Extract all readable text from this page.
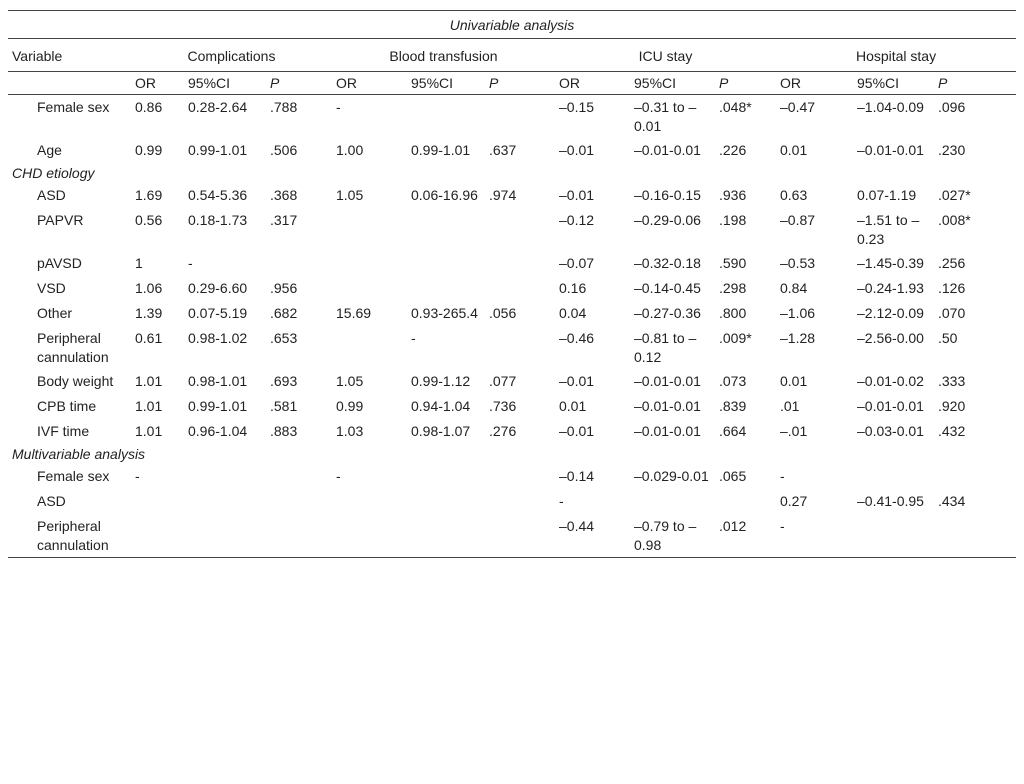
Univariable analysis												
Variable	Complications			Blood transfusion			ICU stay			Hospital stay		
	OR	95%CI	P	OR	95%CI	P	OR	95%CI	P	OR	95%CI	P
Female sex	0.86	0.28-2.64	.788	-			–0.15	–0.31 to –0.01	.048*	–0.47	–1.04-0.09	.096
Age	0.99	0.99-1.01	.506	1.00	0.99-1.01	.637	–0.01	–0.01-0.01	.226	0.01	–0.01-0.01	.230
CHD etiology												
ASD	1.69	0.54-5.36	.368	1.05	0.06-16.96	.974	–0.01	–0.16-0.15	.936	0.63	0.07-1.19	.027*
PAPVR	0.56	0.18-1.73	.317				–0.12	–0.29-0.06	.198	–0.87	–1.51 to –0.23	.008*
pAVSD	1	-					–0.07	–0.32-0.18	.590	–0.53	–1.45-0.39	.256
VSD	1.06	0.29-6.60	.956				0.16	–0.14-0.45	.298	0.84	–0.24-1.93	.126
Other	1.39	0.07-5.19	.682	15.69	0.93-265.4	.056	0.04	–0.27-0.36	.800	–1.06	–2.12-0.09	.070
Peripheral cannulation	0.61	0.98-1.02	.653		-		–0.46	–0.81 to –0.12	.009*	–1.28	–2.56-0.00	.50
Body weight	1.01	0.98-1.01	.693	1.05	0.99-1.12	.077	–0.01	–0.01-0.01	.073	0.01	–0.01-0.02	.333
CPB time	1.01	0.99-1.01	.581	0.99	0.94-1.04	.736	0.01	–0.01-0.01	.839	.01	–0.01-0.01	.920
IVF time	1.01	0.96-1.04	.883	1.03	0.98-1.07	.276	–0.01	–0.01-0.01	.664	–.01	–0.03-0.01	.432
Multivariable analysis												
Female sex	-			-			–0.14	–0.029-0.01	.065	-		
ASD							-			0.27	–0.41-0.95	.434
Peripheral cannulation							–0.44	–0.79 to –0.98	.012	-		
